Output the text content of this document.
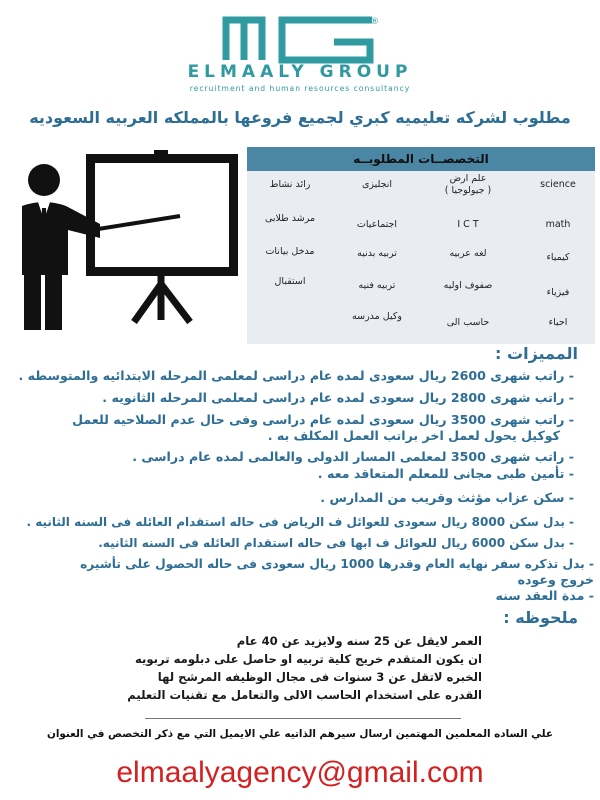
®
ELMAALY GROUP
recruitment and human resources consultancy
مطلوب لشركه تعليميه كبري لجميع فروعها بالمملكه العربيه السعوديه
التخصصــات المطلوبــه
science
علم ارض
( جيولوجيا )
انجليزى
رائد نشاط
math
I C T
اجتماعيات
مرشد طلابى
كيمياء
لغه عربيه
تربيه بدنيه
مدخل بيانات
فيزياء
صفوف اوليه
تربيه فنيه
استقبال
احياء
حاسب الى
وكيل مدرسه
المميزات :
- راتب شهرى 2600 ريال سعودى لمده عام دراسى لمعلمى المرحله الابتدائيه والمتوسطه .
- راتب شهرى 2800 ريال سعودى لمده عام دراسى لمعلمى المرحله الثانويه .
- راتب شهرى 3500 ريال سعودى لمده عام دراسى وفى حال عدم الصلاحيه للعمل
كوكيل يحول لعمل اخر براتب العمل المكلف به .
- راتب شهرى 3500 لمعلمى المسار الدولى والعالمى لمده عام دراسى .
- تأمين طبى مجانى للمعلم المتعاقد معه .
- سكن عزاب مؤثث وقريب من المدارس .
- بدل سكن 8000 ريال سعودى للعوائل ف الرياض فى حاله استقدام العائله فى السنه الثانيه .
- بدل سكن 6000 ريال للعوائل ف ابها فى حاله استقدام العائله فى السنه الثانيه.
- بدل تذكره سفر نهايه العام وقدرها 1000 ريال سعودى فى حاله الحصول على تأشيره
خروج وعوده
- مدة العقد سنه
ملحوظه :
العمر لايقل عن 25 سنه ولايزيد عن 40 عام
ان يكون المتقدم خريج كلية تربيه او حاصل على دبلومه تربويه
الخبره لاتقل عن 3 سنوات فى مجال الوظيفه المرشح لها
القدره على استخدام الحاسب الالى والتعامل مع تقنيات التعليم
علي الساده المعلمين المهتمين ارسال سيرهم الذاتيه علي الايميل التي مع ذكر التخصص في العنوان
elmaalyagency@gmail.com
